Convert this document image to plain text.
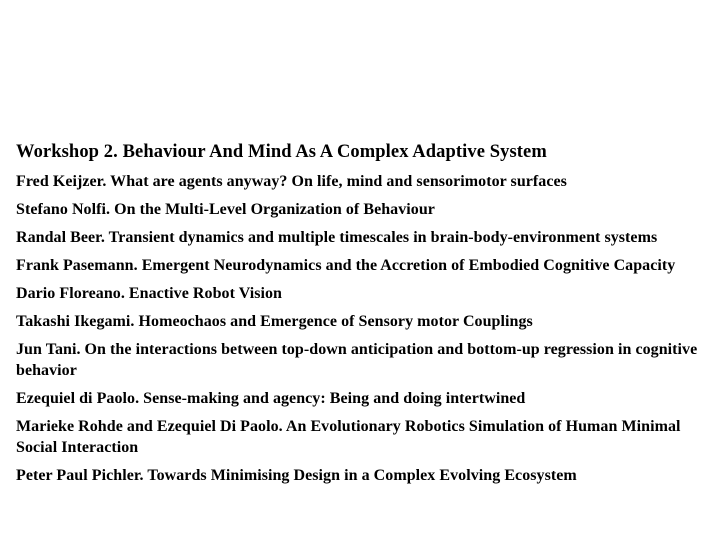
Workshop 2. Behaviour And Mind As A Complex Adaptive System
Fred Keijzer. What are agents anyway? On life, mind and sensorimotor surfaces
Stefano Nolfi. On the Multi-Level Organization of Behaviour
Randal Beer. Transient dynamics and multiple timescales in brain-body-environment systems
Frank Pasemann. Emergent Neurodynamics and the Accretion of Embodied Cognitive Capacity
Dario Floreano. Enactive Robot Vision
Takashi Ikegami. Homeochaos and Emergence of Sensory motor Couplings
Jun Tani. On the interactions between top-down anticipation and bottom-up regression in cognitive behavior
Ezequiel di Paolo. Sense-making and agency: Being and doing intertwined
Marieke Rohde and Ezequiel Di Paolo. An Evolutionary Robotics Simulation of Human Minimal Social Interaction
Peter Paul Pichler. Towards Minimising Design in a Complex Evolving Ecosystem
